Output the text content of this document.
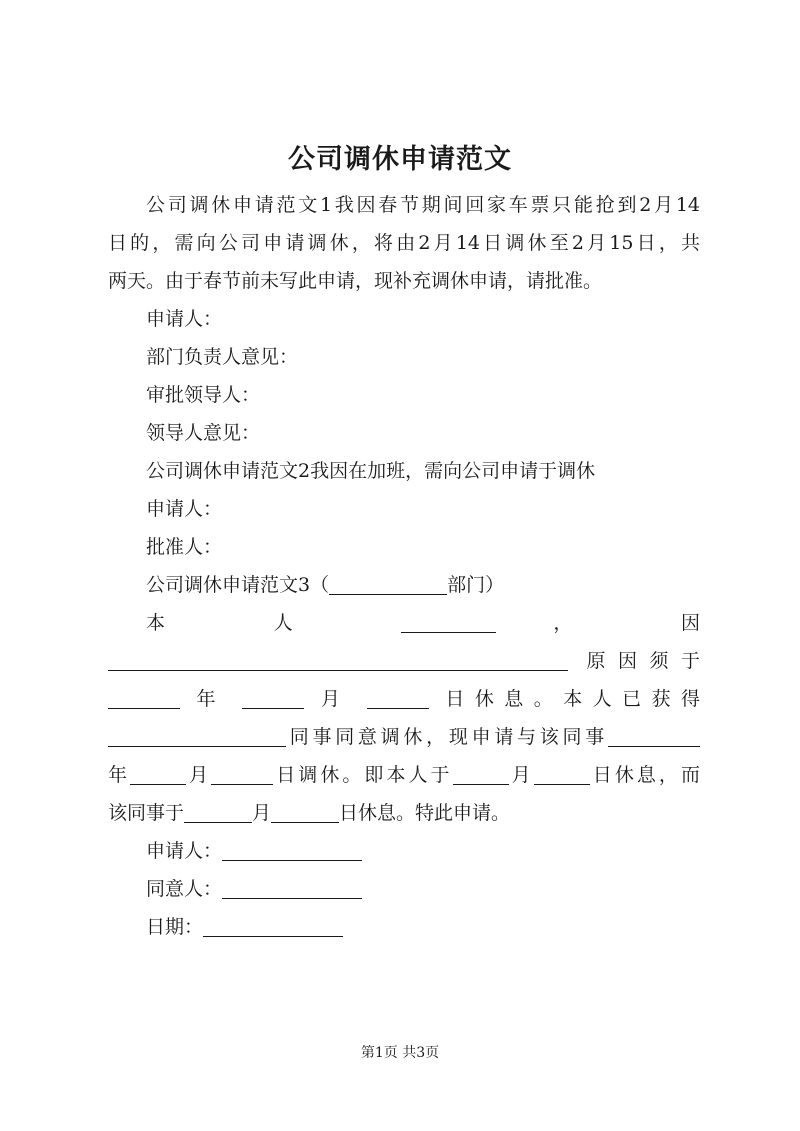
公司调休申请范文

公司调休申请范文1我因春节期间回家车票只能抢到2月14

日的，需向公司申请调休，将由2月14日调休至2月15日，共

两天。由于春节前未写此申请，现补充调休申请，请批准。

申请人：

部门负责人意见：

审批领导人：

领导人意见：

公司调休申请范文2我因在加班，需向公司申请于调休

申请人：

批准人：

公司调休申请范文3（	部门）

本	人	，	因

原因须于

年	月	日休息。本人已获得

同事同意调休，现申请与该同事

年	月	日调休。即本人于	月	日休息，而

该同事于	月	日休息。特此申请。

申请人：

同意人：

日期：

第1页 共3页
